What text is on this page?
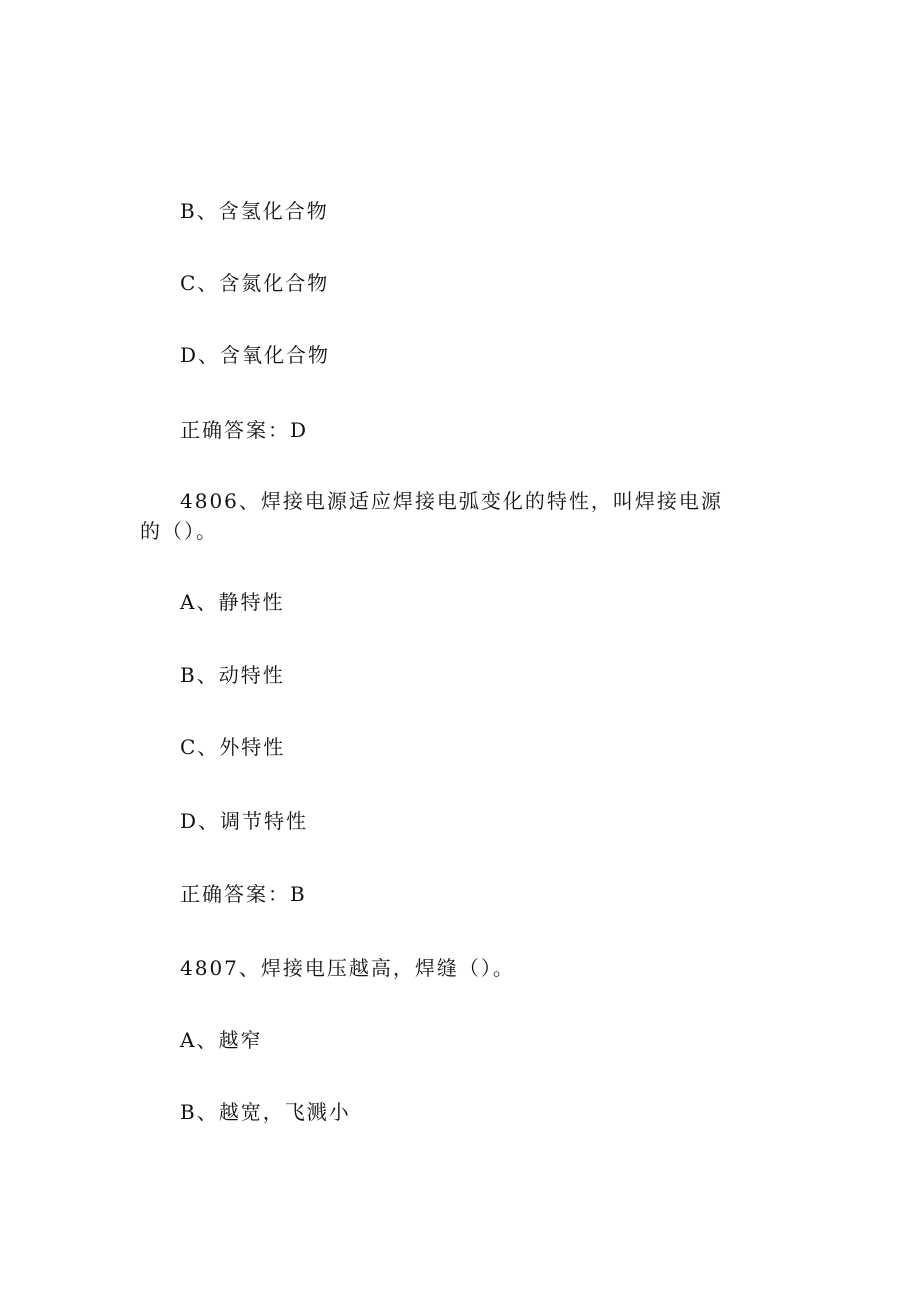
B、含氢化合物
C、含氮化合物
D、含氧化合物
正确答案：D
4806、焊接电源适应焊接电弧变化的特性，叫焊接电源的（）。
A、静特性
B、动特性
C、外特性
D、调节特性
正确答案：B
4807、焊接电压越高，焊缝（）。
A、越窄
B、越宽，飞溅小
